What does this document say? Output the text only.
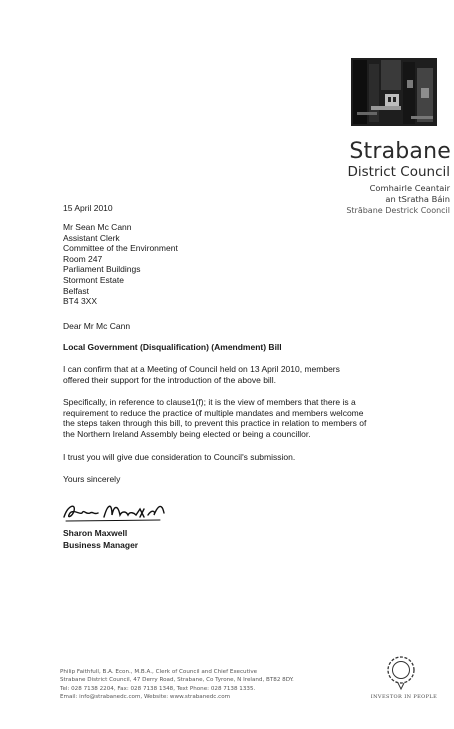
Strabane
District Council
Comhairle Ceantair
an tSratha Báin
Strābane Destrick Cooncil
15 April 2010
Mr Sean Mc Cann
Assistant Clerk
Committee of the Environment
Room 247
Parliament Buildings
Stormont Estate
Belfast
BT4 3XX
Dear Mr Mc Cann
Local Government (Disqualification) (Amendment) Bill
I can confirm that at a Meeting of Council held on 13 April 2010, members
offered their support for the introduction of the above bill.
Specifically, in reference to clause1(f); it is the view of members that there is a
requirement to reduce the practice of multiple mandates and members welcome
the steps taken through this bill, to prevent this practice in relation to members of
the Northern Ireland Assembly being elected or being a councillor.
I trust you will give due consideration to Council's submission.
Yours sincerely
Sharon Maxwell
Business Manager
Philip Faithfull, B.A. Econ., M.B.A., Clerk of Council and Chief Executive
Strabane District Council, 47 Derry Road, Strabane, Co Tyrone, N Ireland, BT82 8DY.
Tel: 028 7138 2204, Fax: 028 7138 1348, Text Phone: 028 7138 1335.
Email: info@strabanedc.com, Website: www.strabanedc.com	INVESTOR IN PEOPLE
